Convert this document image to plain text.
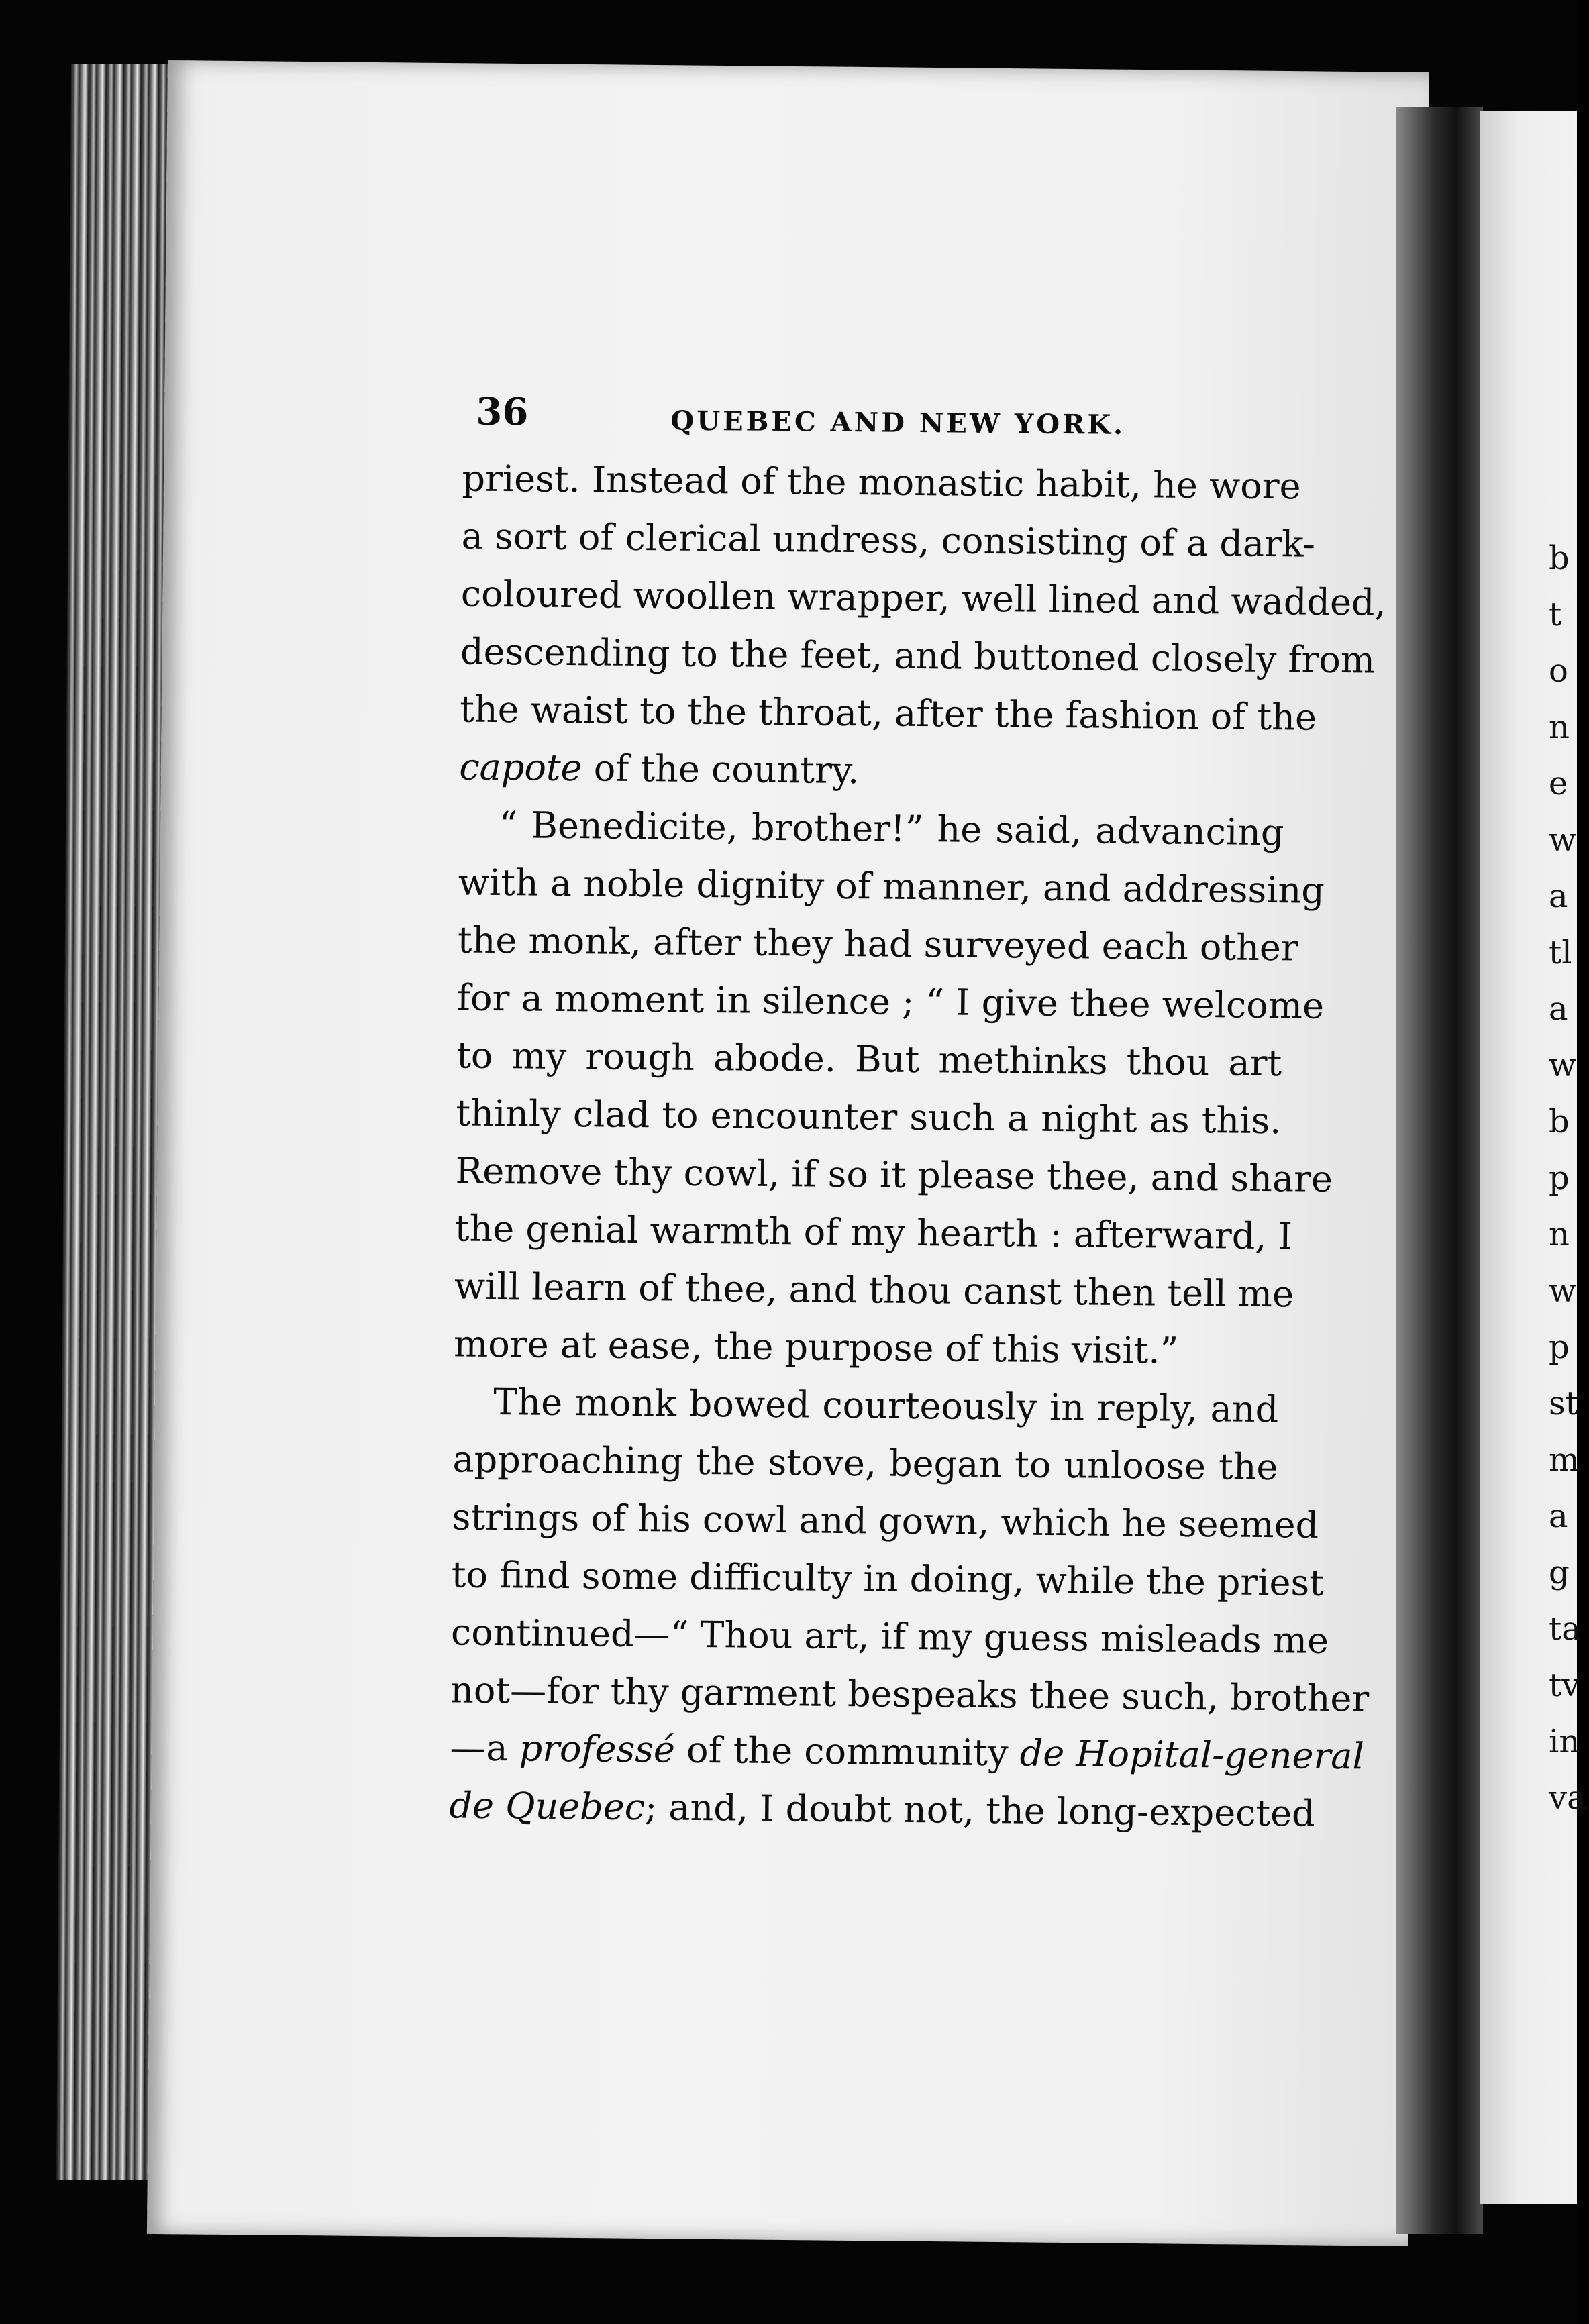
b
t
o
n
e
w
a
tl
a
w
b
p
n
w
p
st
m
a
g
ta
tv
in
va
36	QUEBEC AND NEW YORK.
priest. Instead of the monastic habit, he wore
a sort of clerical undress, consisting of a dark-
coloured woollen wrapper, well lined and wadded,
descending to the feet, and buttoned closely from
the waist to the throat, after the fashion of the
capote of the country.
“ Benedicite, brother!” he said, advancing
with a noble dignity of manner, and addressing
the monk, after they had surveyed each other
for a moment in silence ; “ I give thee welcome
to my rough abode. But methinks thou art
thinly clad to encounter such a night as this.
Remove thy cowl, if so it please thee, and share
the genial warmth of my hearth : afterward, I
will learn of thee, and thou canst then tell me
more at ease, the purpose of this visit.”
The monk bowed courteously in reply, and
approaching the stove, began to unloose the
strings of his cowl and gown, which he seemed
to find some difficulty in doing, while the priest
continued—“ Thou art, if my guess misleads me
not—for thy garment bespeaks thee such, brother
—a professé of the community de Hopital-general
de Quebec; and, I doubt not, the long-expected
